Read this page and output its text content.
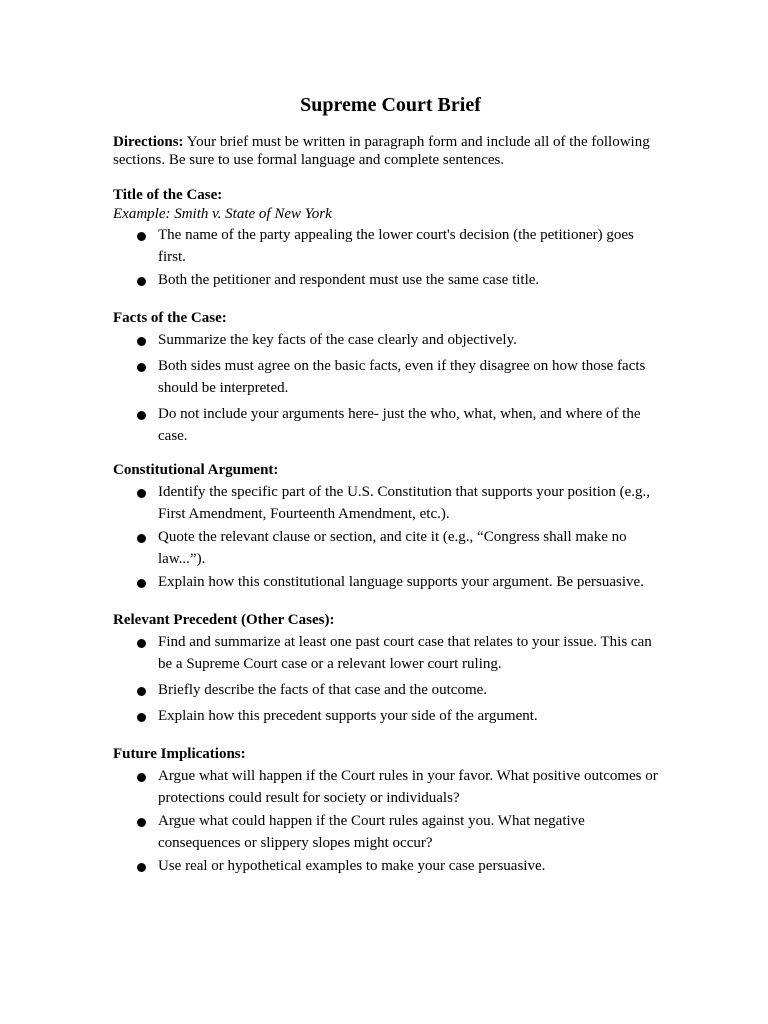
Supreme Court Brief

Directions: Your brief must be written in paragraph form and include all of the following sections. Be sure to use formal language and complete sentences.

Title of the Case:

Example: Smith v. State of New York

The name of the party appealing the lower court's decision (the petitioner) goes first.
Both the petitioner and respondent must use the same case title.

Facts of the Case:

Summarize the key facts of the case clearly and objectively.
Both sides must agree on the basic facts, even if they disagree on how those facts should be interpreted.
Do not include your arguments here- just the who, what, when, and where of the case.

Constitutional Argument:

Identify the specific part of the U.S. Constitution that supports your position (e.g., First Amendment, Fourteenth Amendment, etc.).
Quote the relevant clause or section, and cite it (e.g., “Congress shall make no law...”).
Explain how this constitutional language supports your argument. Be persuasive.

Relevant Precedent (Other Cases):

Find and summarize at least one past court case that relates to your issue. This can be a Supreme Court case or a relevant lower court ruling.
Briefly describe the facts of that case and the outcome.
Explain how this precedent supports your side of the argument.

Future Implications:

Argue what will happen if the Court rules in your favor. What positive outcomes or protections could result for society or individuals?
Argue what could happen if the Court rules against you. What negative consequences or slippery slopes might occur?
Use real or hypothetical examples to make your case persuasive.
